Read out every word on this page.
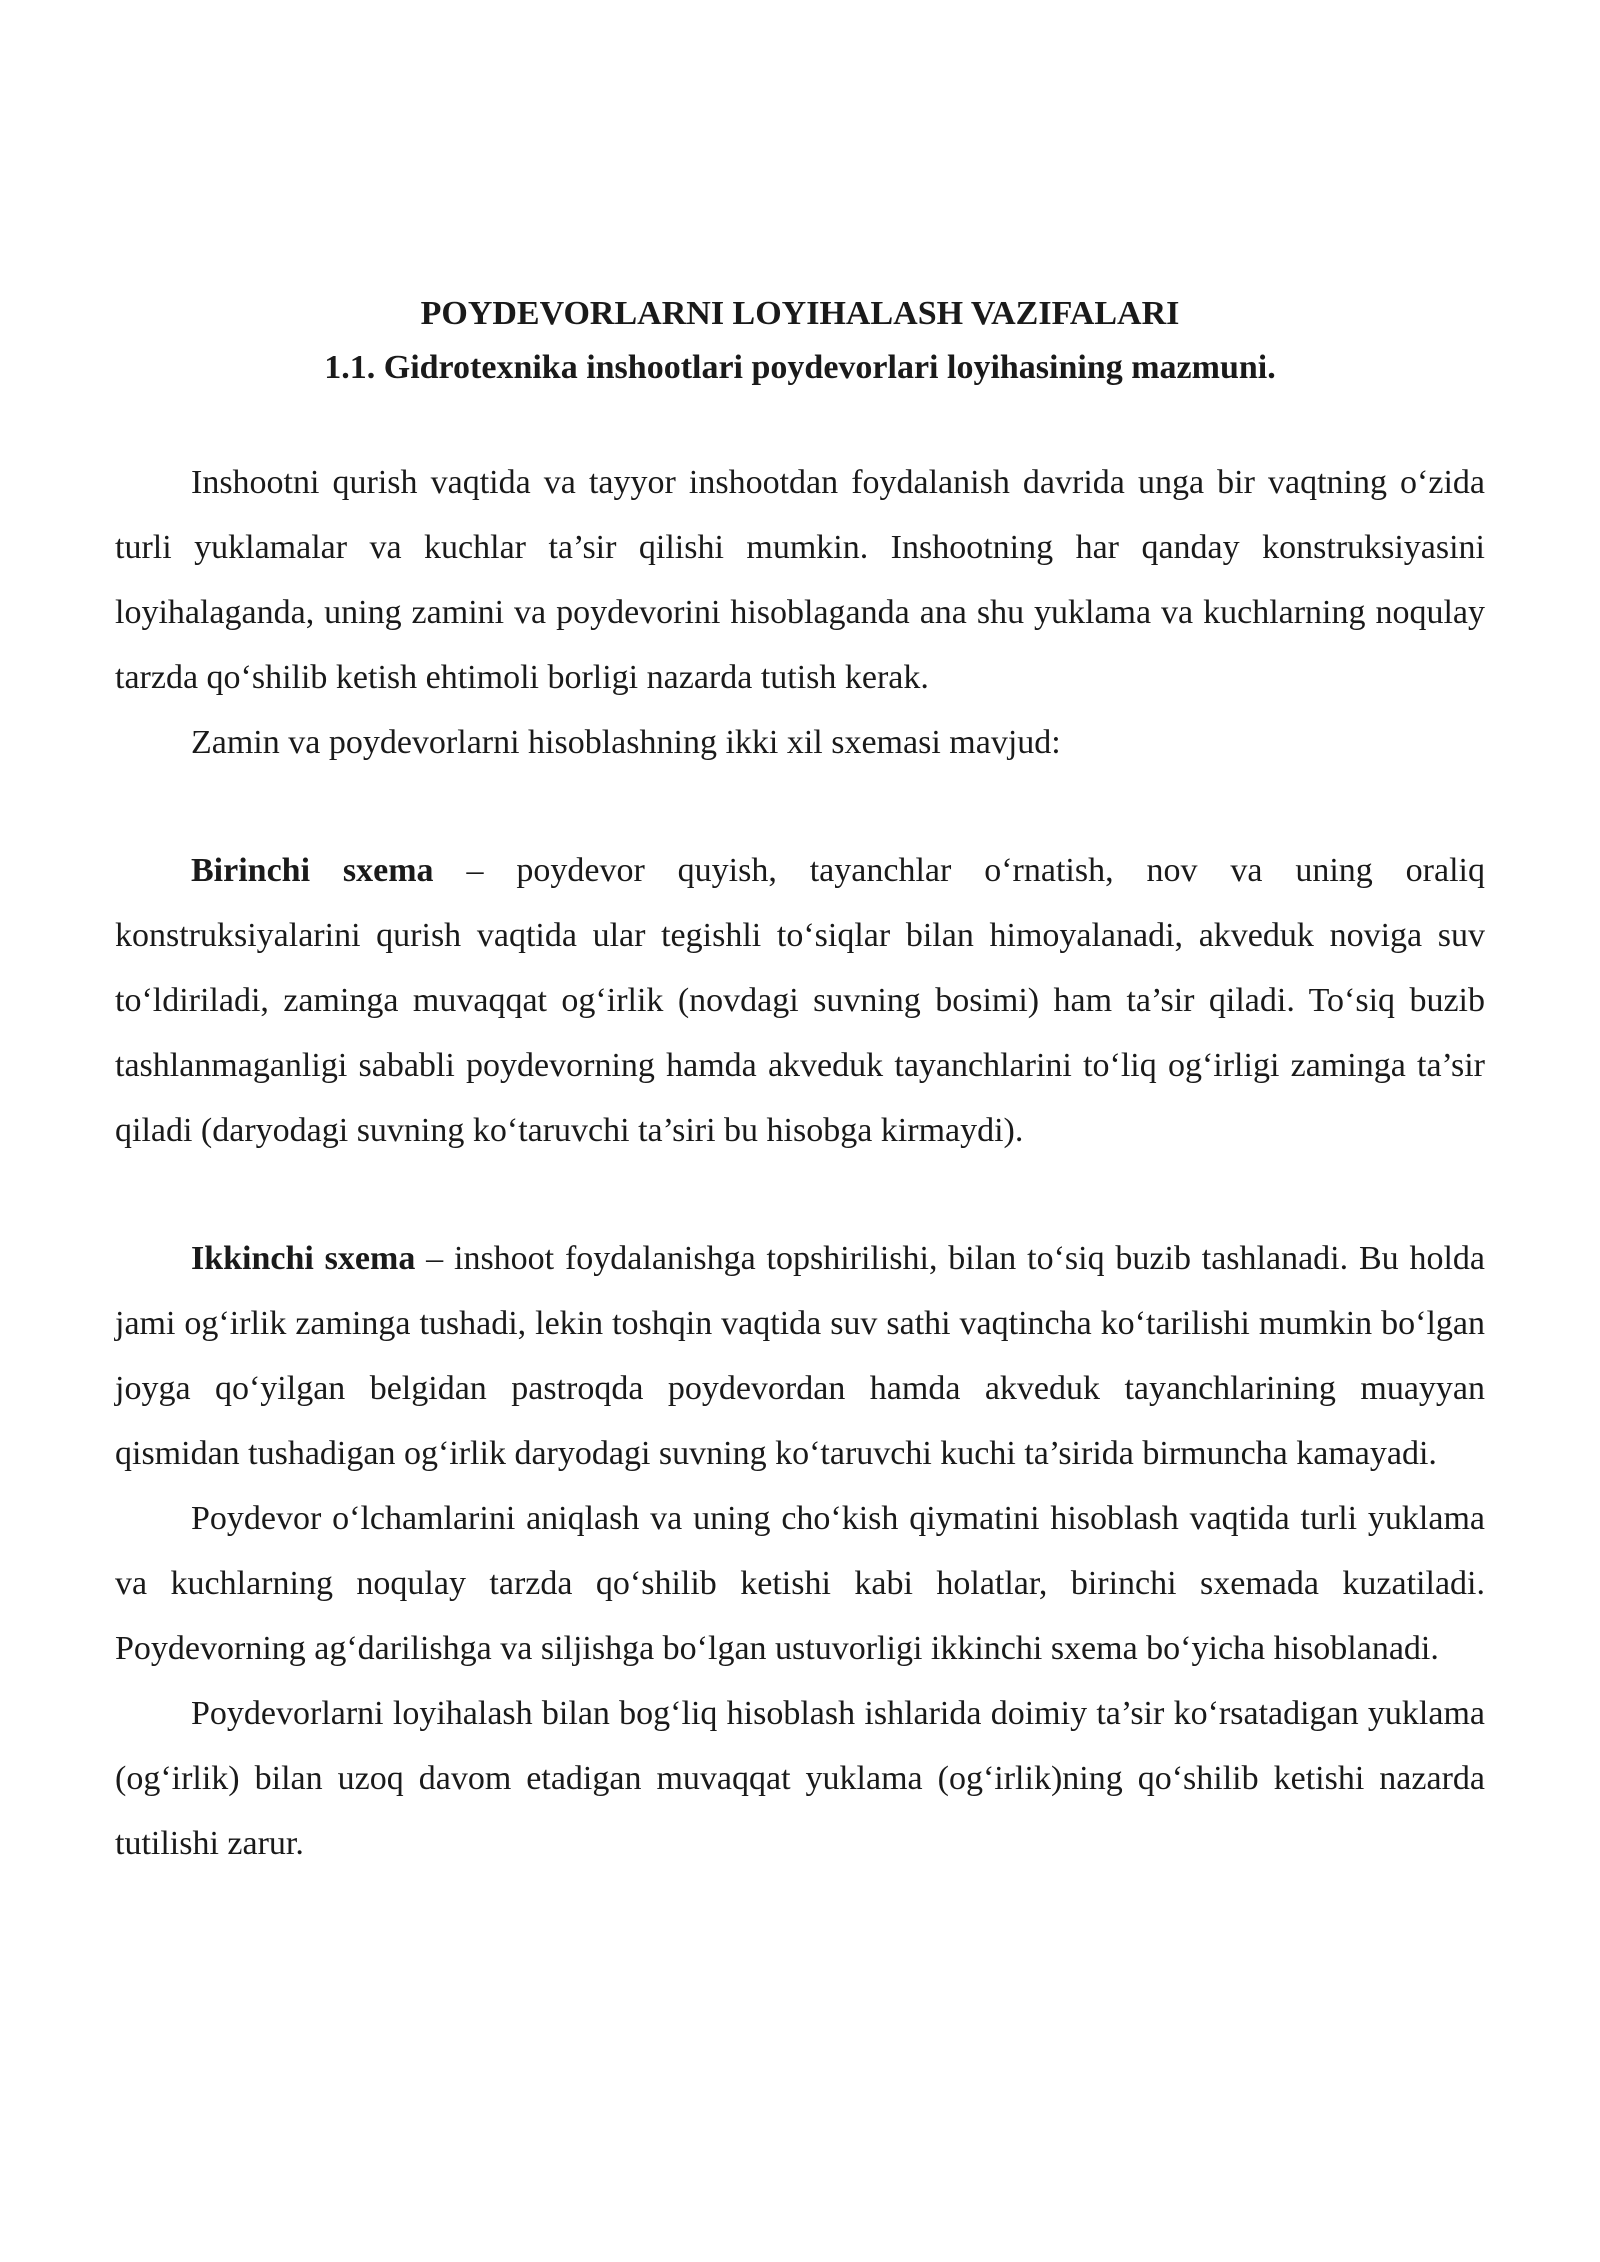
POYDEVORLARNI LOYIHALASH VAZIFALARI

1.1. Gidrotexnika inshootlari poydevorlari loyihasining mazmuni.

Inshootni qurish vaqtida va tayyor inshootdan foydalanish davrida unga bir vaqtning o‘zida turli yuklamalar va kuchlar ta’sir qilishi mumkin. Inshootning har qanday konstruksiyasini loyihalaganda, uning zamini va poydevorini hisoblaganda ana shu yuklama va kuchlarning noqulay tarzda qo‘shilib ketish ehtimoli borligi nazarda tutish kerak.

Zamin va poydevorlarni hisoblashning ikki xil sxemasi mavjud:

Birinchi sxema – poydevor quyish, tayanchlar o‘rnatish, nov va uning oraliq konstruksiyalarini qurish vaqtida ular tegishli to‘siqlar bilan himoyalanadi, akveduk noviga suv to‘ldiriladi, zaminga muvaqqat og‘irlik (novdagi suvning bosimi) ham ta’sir qiladi. To‘siq buzib tashlanmaganligi sababli poydevorning hamda akveduk tayanchlarini to‘liq og‘irligi zaminga ta’sir qiladi (daryodagi suvning ko‘taruvchi ta’siri bu hisobga kirmaydi).

Ikkinchi sxema – inshoot foydalanishga topshirilishi, bilan to‘siq buzib tashlanadi. Bu holda jami og‘irlik zaminga tushadi, lekin toshqin vaqtida suv sathi vaqtincha ko‘tarilishi mumkin bo‘lgan joyga qo‘yilgan belgidan pastroqda poydevordan hamda akveduk tayanchlarining muayyan qismidan tushadigan og‘irlik daryodagi suvning ko‘taruvchi kuchi ta’sirida birmuncha kamayadi.

Poydevor o‘lchamlarini aniqlash va uning cho‘kish qiymatini hisoblash vaqtida turli yuklama va kuchlarning noqulay tarzda qo‘shilib ketishi kabi holatlar, birinchi sxemada kuzatiladi. Poydevorning ag‘darilishga va siljishga bo‘lgan ustuvorligi ikkinchi sxema bo‘yicha hisoblanadi.

Poydevorlarni loyihalash bilan bog‘liq hisoblash ishlarida doimiy ta’sir ko‘rsatadigan yuklama (og‘irlik) bilan uzoq davom etadigan muvaqqat yuklama (og‘irlik)ning qo‘shilib ketishi nazarda tutilishi zarur.
